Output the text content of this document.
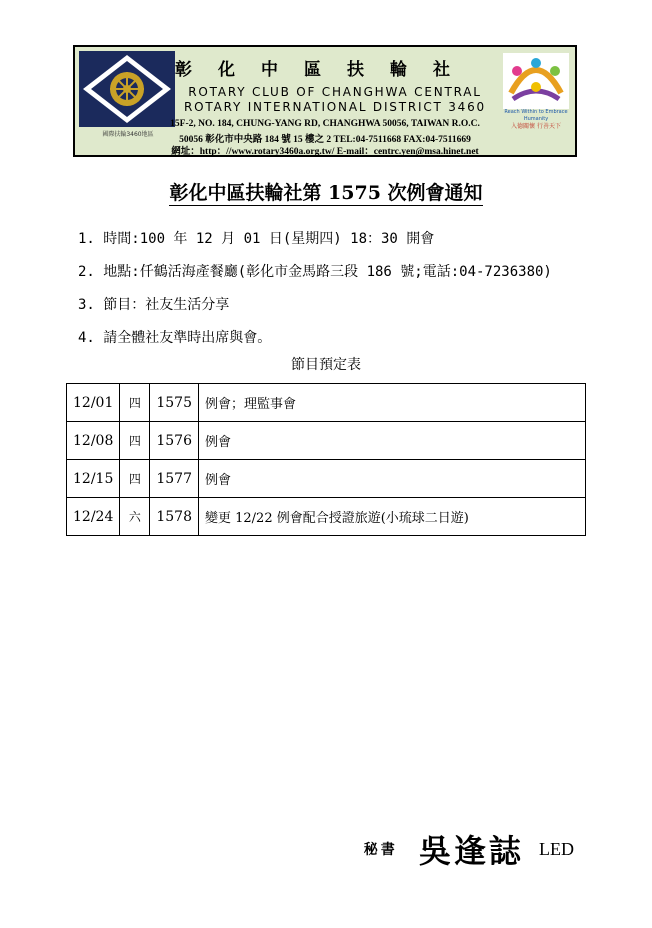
國際扶輪3460地區
彰化中區扶輪社
ROTARY CLUB OF CHANGHWA CENTRAL
ROTARY INTERNATIONAL DISTRICT 3460	Reach Within to Embrace Humanity
入德關懷 行善天下
15F-2, NO. 184, CHUNG-YANG RD, CHANGHWA 50056, TAIWAN R.O.C.
50056 彰化市中央路 184 號 15 樓之 2 TEL:04-7511668 FAX:04-7511669
網址：http：//www.rotary3460a.org.tw/ E-mail：centrc.yen@msa.hinet.net
彰化中區扶輪社第 1575 次例會通知
1. 時間:100 年 12 月 01 日(星期四) 18：30 開會
2. 地點:仟鶴活海產餐廳(彰化市金馬路三段 186 號;電話:04-7236380)
3. 節目：社友生活分享
4. 請全體社友準時出席與會。
節目預定表
12/01	四	1575	例會；理監事會
12/08	四	1576	例會
12/15	四	1577	例會
12/24	六	1578	變更 12/22 例會配合授證旅遊(小琉球二日遊)
秘書 吳逢誌 LED
